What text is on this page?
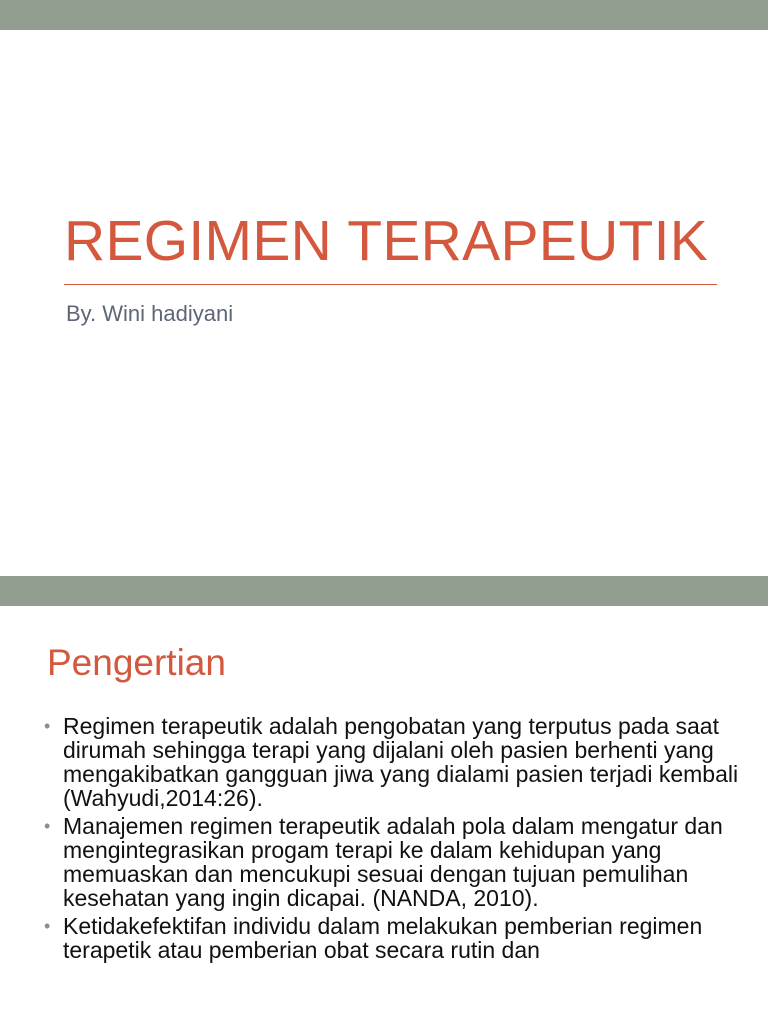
REGIMEN TERAPEUTIK
By. Wini hadiyani
Pengertian
• Regimen terapeutik adalah pengobatan yang terputus pada saat dirumah sehingga terapi yang dijalani oleh pasien berhenti yang mengakibatkan gangguan jiwa yang dialami pasien terjadi kembali (Wahyudi,2014:26).
• Manajemen regimen terapeutik adalah pola dalam mengatur dan mengintegrasikan progam terapi ke dalam kehidupan yang memuaskan dan mencukupi sesuai dengan tujuan pemulihan kesehatan yang ingin dicapai. (NANDA, 2010).
• Ketidakefektifan individu dalam melakukan pemberian regimen terapetik atau pemberian obat secara rutin dan
